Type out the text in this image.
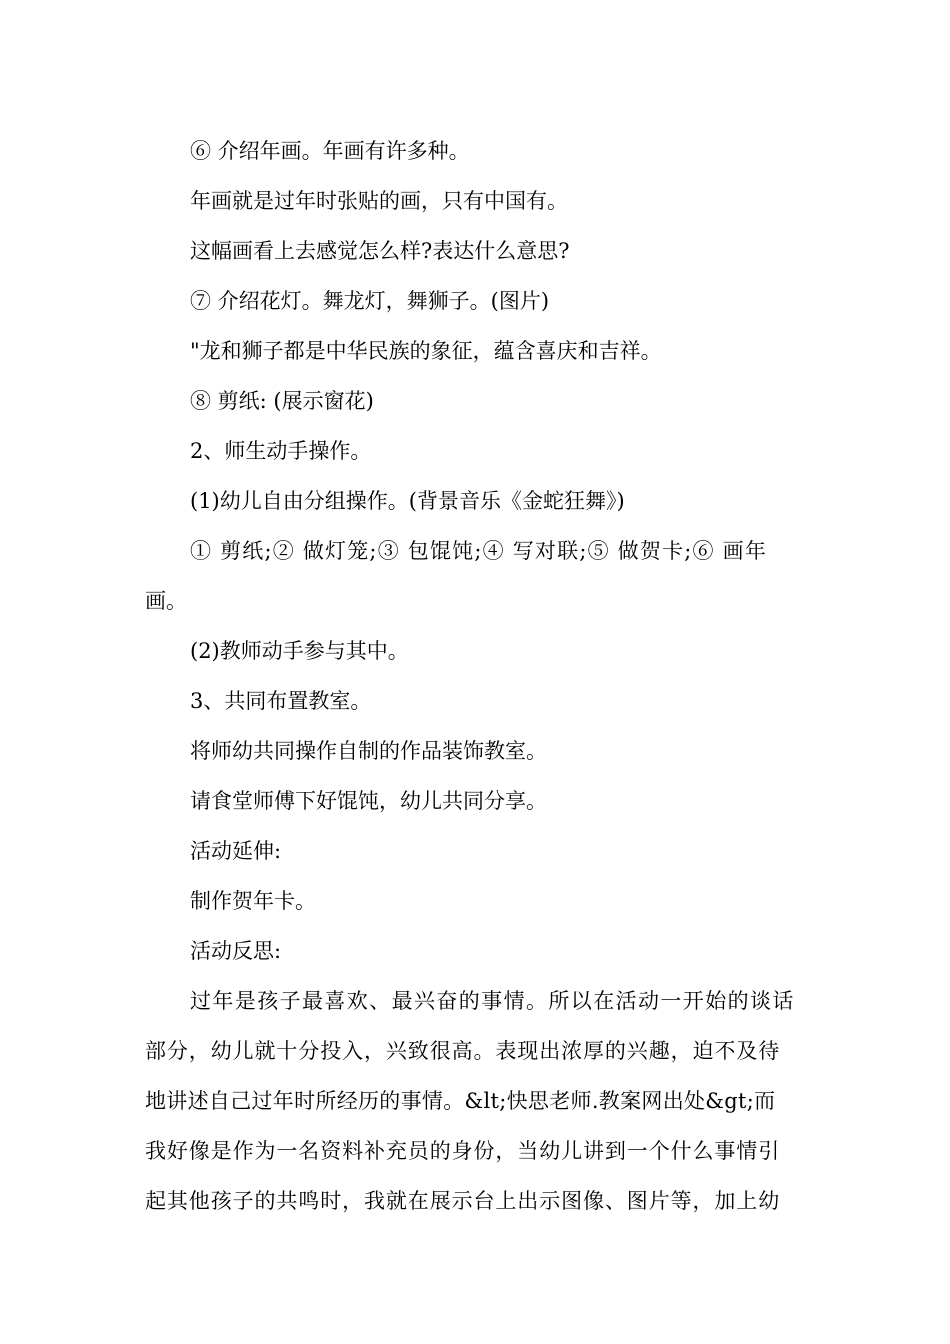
⑥ 介绍年画。年画有许多种。
年画就是过年时张贴的画，只有中国有。
这幅画看上去感觉怎么样?表达什么意思?
⑦ 介绍花灯。舞龙灯，舞狮子。(图片)
"龙和狮子都是中华民族的象征，蕴含喜庆和吉祥。
⑧ 剪纸: (展示窗花)
2、师生动手操作。
(1)幼儿自由分组操作。(背景音乐《金蛇狂舞》)
① 剪纸;② 做灯笼;③ 包馄饨;④ 写对联;⑤ 做贺卡;⑥ 画年
画。
(2)教师动手参与其中。
3、共同布置教室。
将师幼共同操作自制的作品装饰教室。
请食堂师傅下好馄饨，幼儿共同分享。
活动延伸:
制作贺年卡。
活动反思:
过年是孩子最喜欢、最兴奋的事情。所以在活动一开始的谈话
部分，幼儿就十分投入，兴致很高。表现出浓厚的兴趣，迫不及待
地讲述自己过年时所经历的事情。&lt;快思老师.教案网出处&gt;而
我好像是作为一名资料补充员的身份，当幼儿讲到一个什么事情引
起其他孩子的共鸣时，我就在展示台上出示图像、图片等，加上幼
